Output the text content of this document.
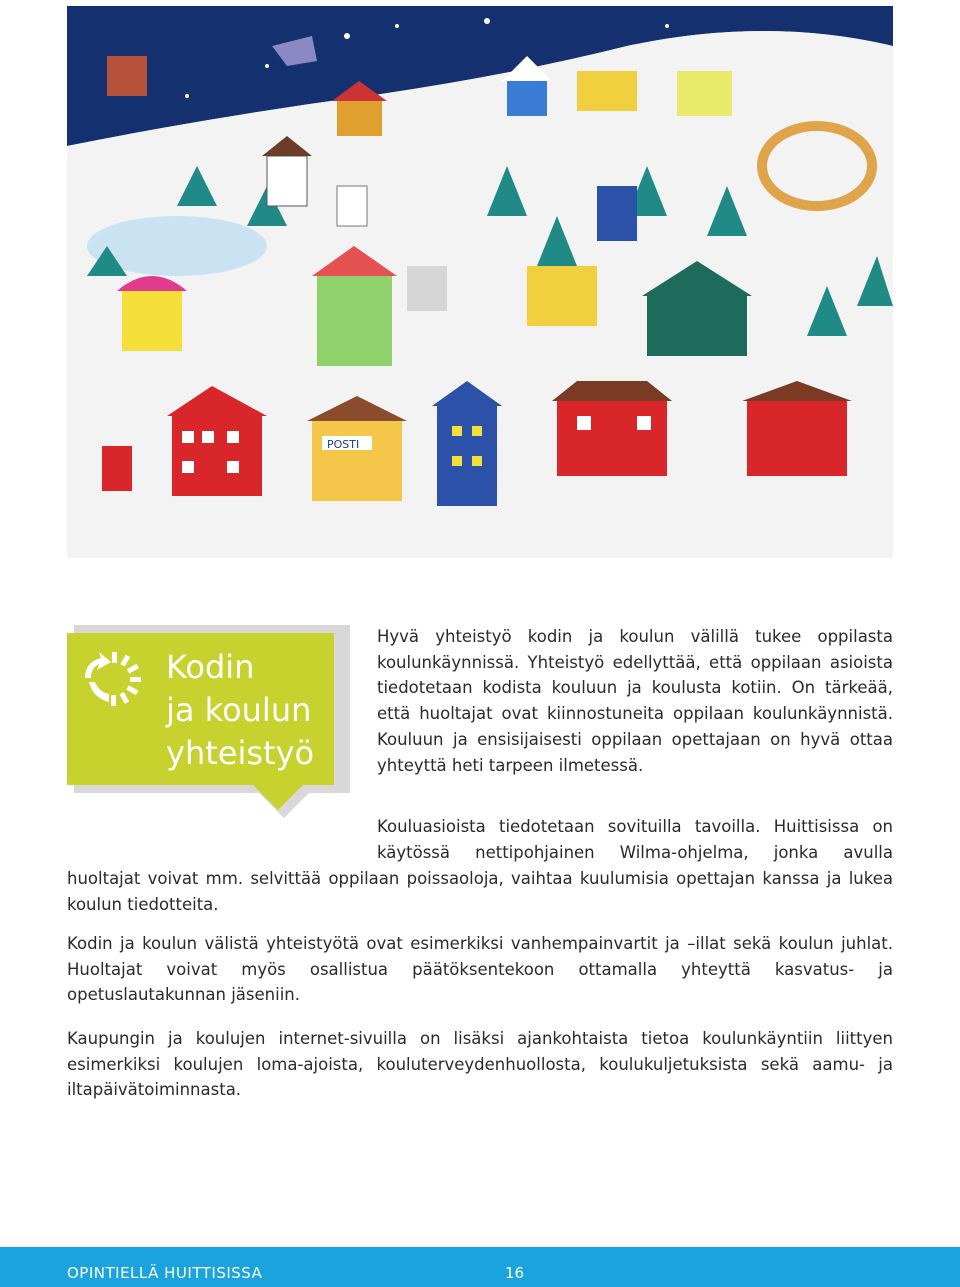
POSTI
Kodin
ja koulun
yhteistyö

Hyvä yhteistyö kodin ja koulun välillä tukee oppilasta koulunkäynnissä. Yhteistyö edellyttää, että oppilaan asioista tiedotetaan kodista kouluun ja koulusta kotiin. On tärkeää, että huoltajat ovat kiinnostuneita oppilaan koulunkäynnistä. Kouluun ja ensisijaisesti oppilaan opettajaan on hyvä ottaa yhteyttä heti tarpeen ilmetessä.

Kouluasioista tiedotetaan sovituilla tavoilla. Huittisissa on käytössä nettipohjainen Wilma-ohjelma, jonka avulla

huoltajat voivat mm. selvittää oppilaan poissaoloja, vaihtaa kuulumisia opettajan kanssa ja lukea koulun tiedotteita.

Kodin ja koulun välistä yhteistyötä ovat esimerkiksi vanhempainvartit ja –illat sekä koulun juhlat. Huoltajat voivat myös osallistua päätöksentekoon ottamalla yhteyttä kasvatus- ja opetuslautakunnan jäseniin.

Kaupungin ja koulujen internet-sivuilla on lisäksi ajankohtaista tietoa koulunkäyntiin liittyen esimerkiksi koulujen loma-ajoista, kouluterveydenhuollosta, koulukuljetuksista sekä aamu- ja iltapäivätoiminnasta.

OPINTIELLÄ HUITTISISSA	16
